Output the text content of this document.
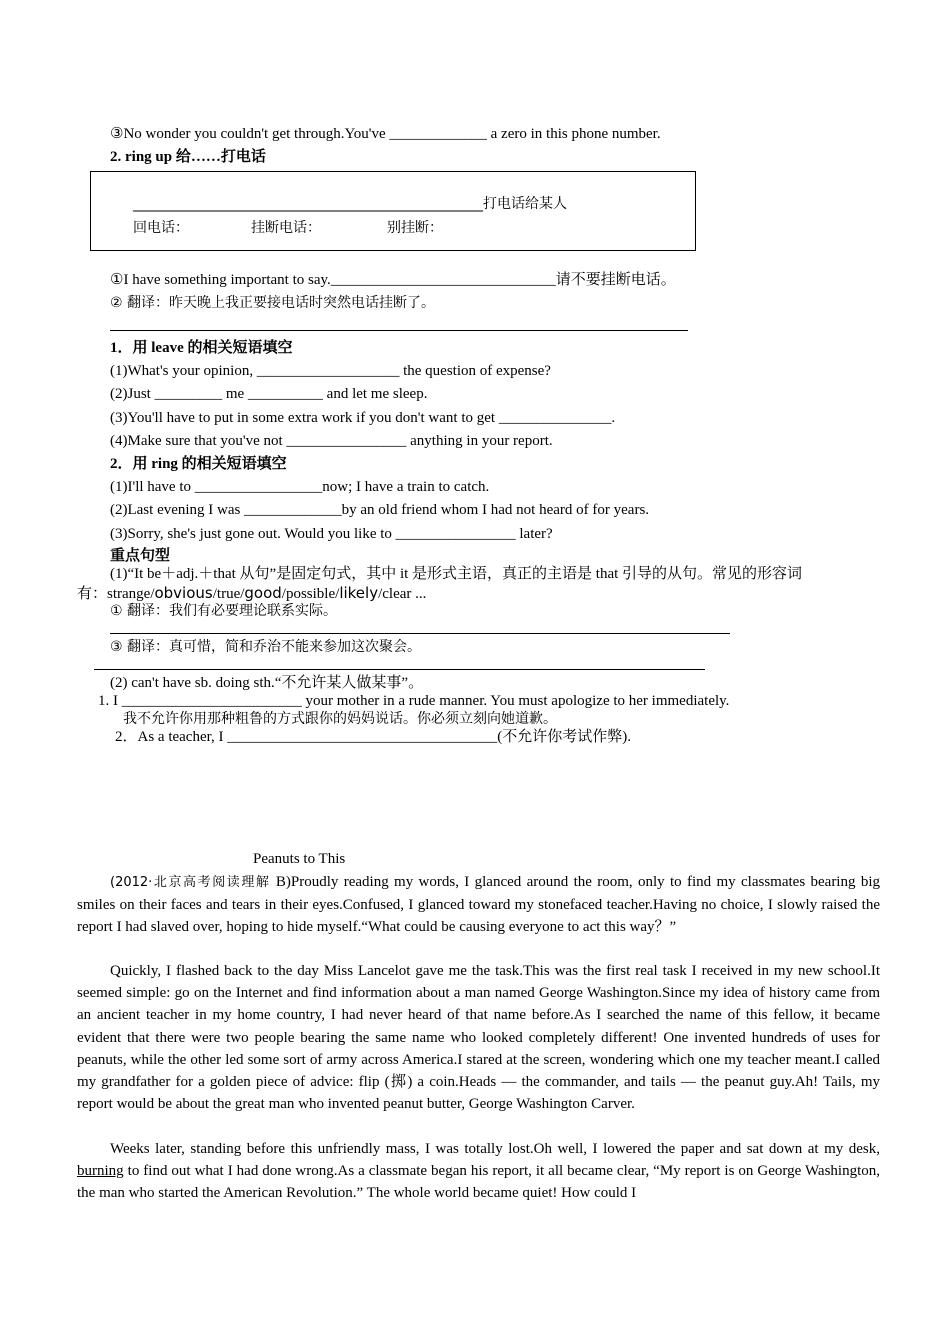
③No wonder you couldn't get through.You've _____________ a zero in this phone number.
2. ring up 给……打电话
__________________________________________________打电话给某人
回电话：	挂断电话：	别挂断：
①I have something important to say.______________________________请不要挂断电话。
② 翻译：昨天晚上我正要接电话时突然电话挂断了。
1．用 leave 的相关短语填空
(1)What's your opinion, ___________________ the question of expense?
(2)Just _________ me __________ and let me sleep.
(3)You'll have to put in some extra work if you don't want to get _______________.
(4)Make sure that you've not ________________ anything in your report.
2．用 ring 的相关短语填空
(1)I'll have to _________________now; I have a train to catch.
(2)Last evening I was _____________by an old friend whom I had not heard of for years.
(3)Sorry, she's just gone out. Would you like to ________________ later?
重点句型
(1)“It be＋adj.＋that 从句”是固定句式，其中 it 是形式主语，真正的主语是 that 引导的从句。常见的形容词
有：strange/obvious/true/good/possible/likely/clear ...
① 翻译：我们有必要理论联系实际。
③ 翻译：真可惜，简和乔治不能来参加这次聚会。
(2) can't have sb. doing sth.“不允许某人做某事”。
1. I ________________________ your mother in a rude manner. You must apologize to her immediately.
我不允许你用那种粗鲁的方式跟你的妈妈说话。你必须立刻向她道歉。
2．As a teacher, I ____________________________________(不允许你考试作弊).
Peanuts to This
(2012·北京高考阅读理解 B)Proudly reading my words, I glanced around the room, only to find my classmates bearing big smiles on their faces and tears in their eyes.Confused, I glanced toward my stonefaced teacher.Having no choice, I slowly raised the report I had slaved over, hoping to hide myself.“What could be causing everyone to act this way？”
Quickly, I flashed back to the day Miss Lancelot gave me the task.This was the first real task I received in my new school.It seemed simple: go on the Internet and find information about a man named George Washington.Since my idea of history came from an ancient teacher in my home country, I had never heard of that name before.As I searched the name of this fellow, it became evident that there were two people bearing the same name who looked completely different! One invented hundreds of uses for peanuts, while the other led some sort of army across America.I stared at the screen, wondering which one my teacher meant.I called my grandfather for a golden piece of advice: flip (掷) a coin.Heads — the commander, and tails — the peanut guy.Ah! Tails, my report would be about the great man who invented peanut butter, George Washington Carver.
Weeks later, standing before this unfriendly mass, I was totally lost.Oh well, I lowered the paper and sat down at my desk, burning to find out what I had done wrong.As a classmate began his report, it all became clear, “My report is on George Washington, the man who started the American Revolution.” The whole world became quiet! How could I
